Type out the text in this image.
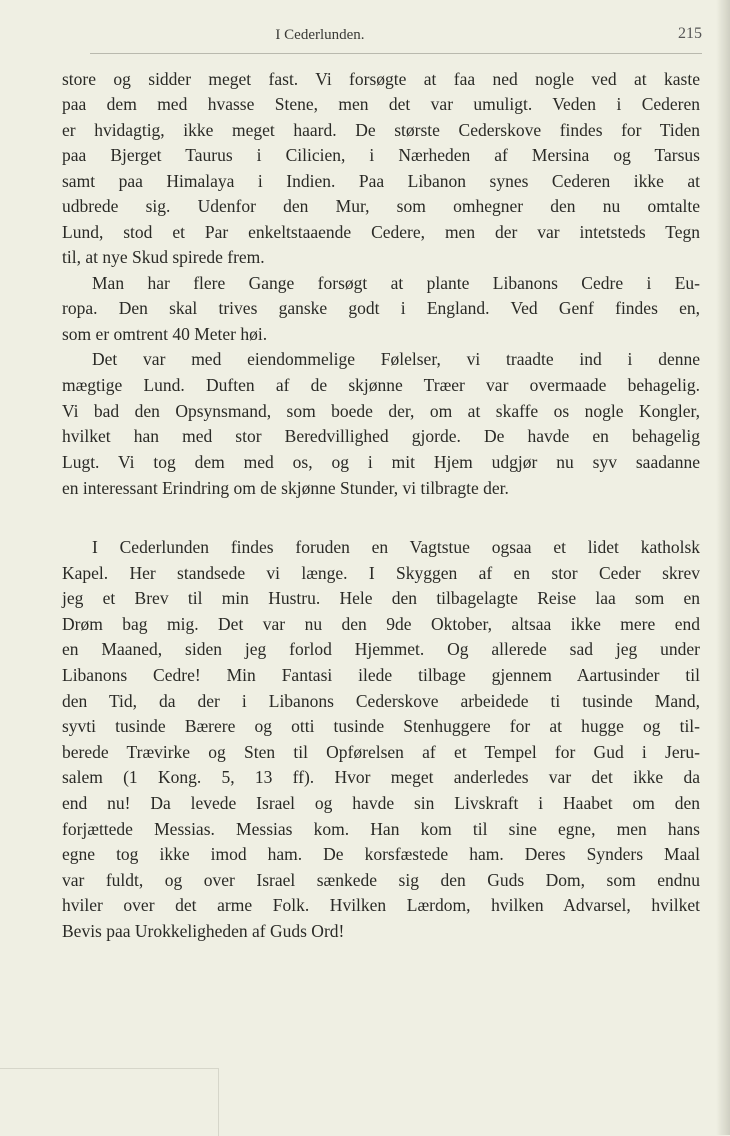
I Cederlunden.	215
store og sidder meget fast. Vi forsøgte at faa ned nogle ved at kaste
paa dem med hvasse Stene, men det var umuligt. Veden i Cederen
er hvidagtig, ikke meget haard. De største Cederskove findes for Tiden
paa Bjerget Taurus i Cilicien, i Nærheden af Mersina og Tarsus
samt paa Himalaya i Indien. Paa Libanon synes Cederen ikke at
udbrede sig. Udenfor den Mur, som omhegner den nu omtalte
Lund, stod et Par enkeltstaaende Cedere, men der var intetsteds Tegn
til, at nye Skud spirede frem.
Man har flere Gange forsøgt at plante Libanons Cedre i Eu-
ropa. Den skal trives ganske godt i England. Ved Genf findes en,
som er omtrent 40 Meter høi.
Det var med eiendommelige Følelser, vi traadte ind i denne
mægtige Lund. Duften af de skjønne Træer var overmaade behagelig.
Vi bad den Opsynsmand, som boede der, om at skaffe os nogle Kongler,
hvilket han med stor Beredvillighed gjorde. De havde en behagelig
Lugt. Vi tog dem med os, og i mit Hjem udgjør nu syv saadanne
en interessant Erindring om de skjønne Stunder, vi tilbragte der.
I Cederlunden findes foruden en Vagtstue ogsaa et lidet katholsk
Kapel. Her standsede vi længe. I Skyggen af en stor Ceder skrev
jeg et Brev til min Hustru. Hele den tilbagelagte Reise laa som en
Drøm bag mig. Det var nu den 9de Oktober, altsaa ikke mere end
en Maaned, siden jeg forlod Hjemmet. Og allerede sad jeg under
Libanons Cedre! Min Fantasi ilede tilbage gjennem Aartusinder til
den Tid, da der i Libanons Cederskove arbeidede ti tusinde Mand,
syvti tusinde Bærere og otti tusinde Stenhuggere for at hugge og til-
berede Trævirke og Sten til Opførelsen af et Tempel for Gud i Jeru-
salem (1 Kong. 5, 13 ff). Hvor meget anderledes var det ikke da
end nu! Da levede Israel og havde sin Livskraft i Haabet om den
forjættede Messias. Messias kom. Han kom til sine egne, men hans
egne tog ikke imod ham. De korsfæstede ham. Deres Synders Maal
var fuldt, og over Israel sænkede sig den Guds Dom, som endnu
hviler over det arme Folk. Hvilken Lærdom, hvilken Advarsel, hvilket
Bevis paa Urokkeligheden af Guds Ord!
